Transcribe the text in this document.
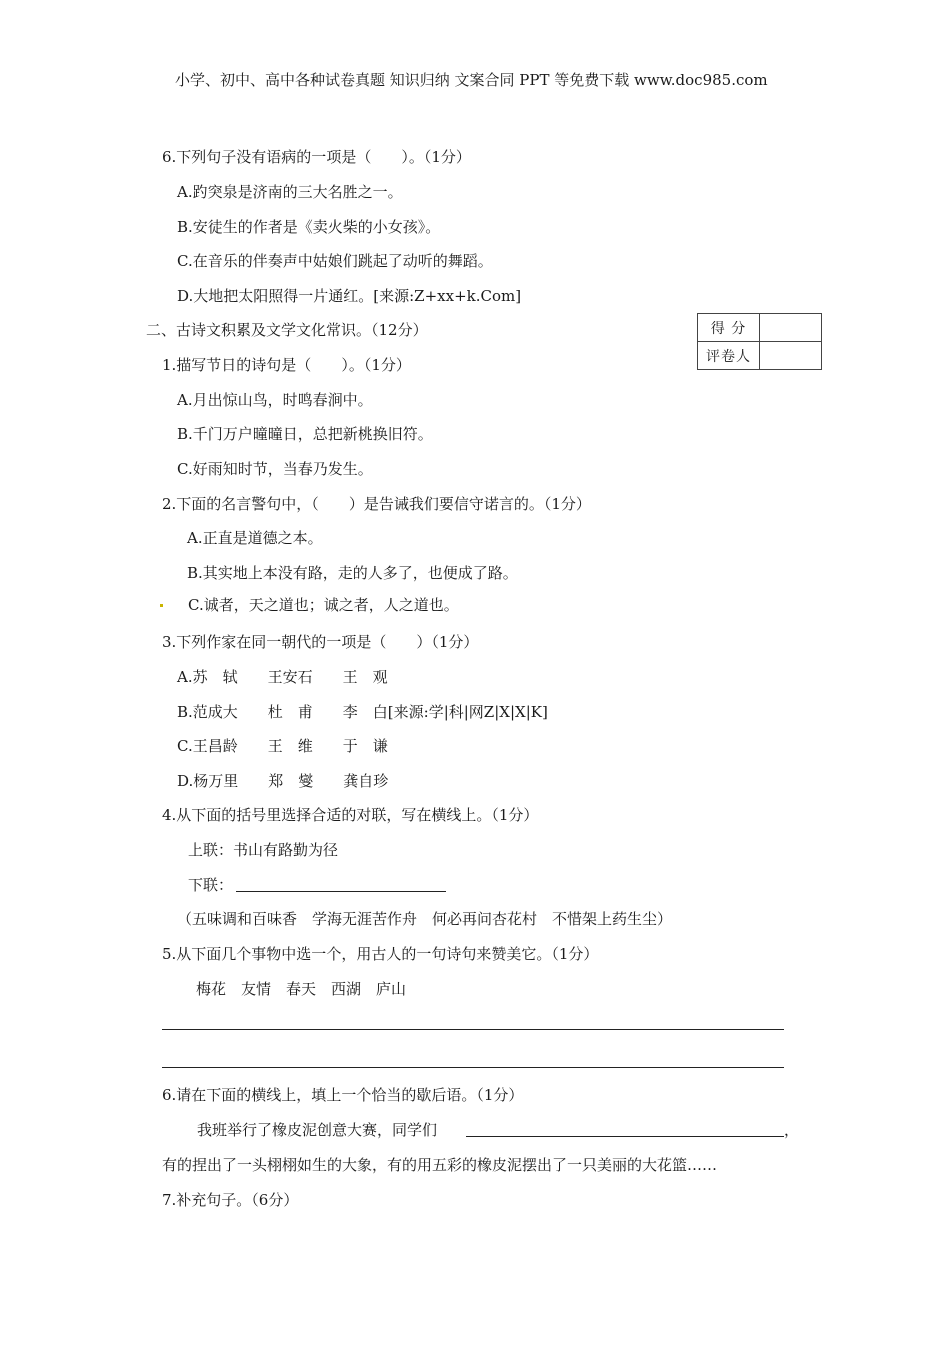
小学、初中、高中各种试卷真题 知识归纳 文案合同 PPT 等免费下载 www.doc985.com
6.下列句子没有语病的一项是（　　）。（1分）
A.趵突泉是济南的三大名胜之一。
B.安徒生的作者是《卖火柴的小女孩》。
C.在音乐的伴奏声中姑娘们跳起了动听的舞蹈。
D.大地把太阳照得一片通红。[来源:Z+xx+k.Com]
二、古诗文积累及文学文化常识。（12分）	得 分	
评卷人	
1.描写节日的诗句是（　　）。（1分）
A.月出惊山鸟，时鸣春涧中。
B.千门万户曈曈日，总把新桃换旧符。
C.好雨知时节，当春乃发生。
2.下面的名言警句中，（　　）是告诫我们要信守诺言的。（1分）
A.正直是道德之本。
B.其实地上本没有路，走的人多了，也便成了路。
C.诚者，天之道也；诚之者，人之道也。
3.下列作家在同一朝代的一项是（　　）（1分）
A.苏　轼　　王安石　　王　观
B.范成大　　杜　甫　　李　白[来源:学|科|网Z|X|X|K]
C.王昌龄　　王　维　　于　谦
D.杨万里　　郑　燮　　龚自珍
4.从下面的括号里选择合适的对联，写在横线上。（1分）
上联：书山有路勤为径
下联：
（五味调和百味香　学海无涯苦作舟　何必再问杏花村　不惜架上药生尘）
5.从下面几个事物中选一个，用古人的一句诗句来赞美它。（1分）
梅花　友情　春天　西湖　庐山
6.请在下面的横线上，填上一个恰当的歇后语。（1分）
我班举行了橡皮泥创意大赛，同学们	，
有的捏出了一头栩栩如生的大象，有的用五彩的橡皮泥摆出了一只美丽的大花篮……
7.补充句子。（6分）
